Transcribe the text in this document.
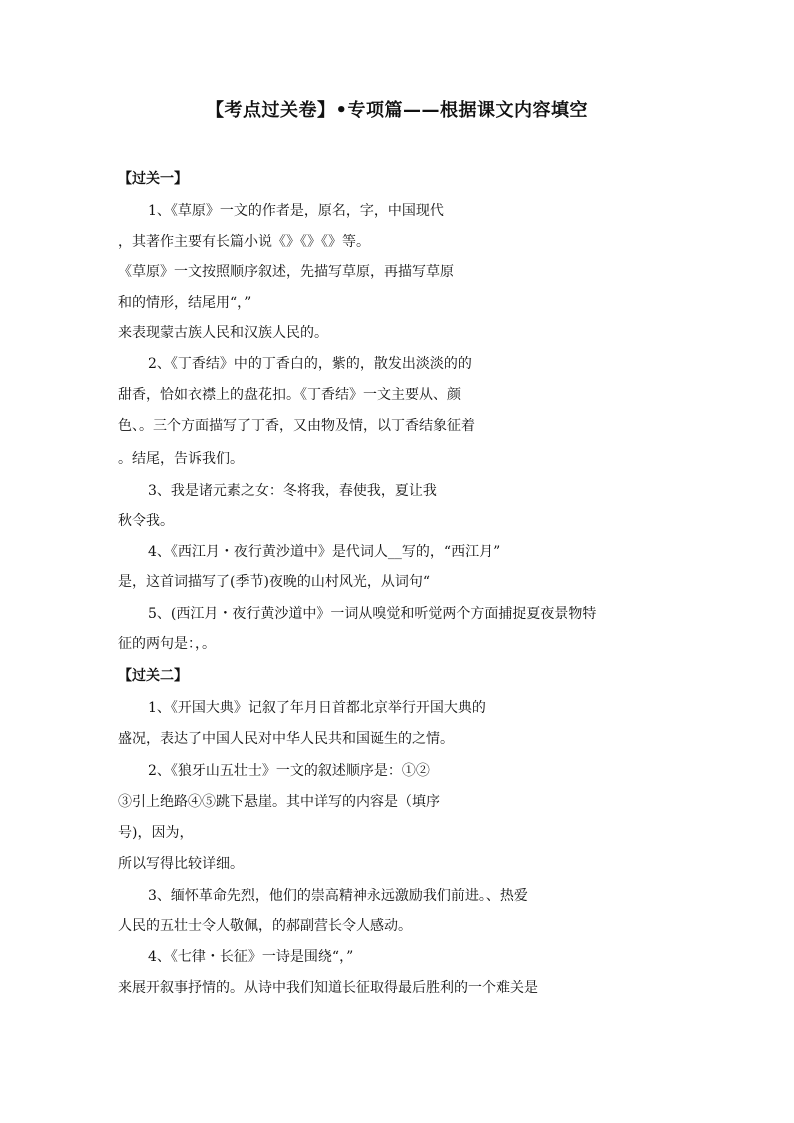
【考点过关卷】•专项篇——根据课文内容填空
【过关一】
1、《草原》一文的作者是，原名，字，中国现代
，其著作主要有长篇小说《》《》《》等。
《草原》一文按照顺序叙述，先描写草原，再描写草原
和的情形，结尾用“，”
来表现蒙古族人民和汉族人民的。
2、《丁香结》中的丁香白的，紫的，散发出淡淡的的
甜香，恰如衣襟上的盘花扣。《丁香结》一文主要从、颜
色、。三个方面描写了丁香，又由物及情，以丁香结象征着
。结尾，告诉我们。
3、我是诸元素之女：冬将我，春使我，夏让我
秋令我。
4、《西江月・夜行黄沙道中》是代词人__写的，“西江月”
是，这首词描写了(季节)夜晚的山村风光，从词句“
5、(西江月・夜行黄沙道中》一词从嗅觉和听觉两个方面捕捉夏夜景物特
征的两句是：，。
【过关二】
1、《开国大典》记叙了年月日首都北京举行开国大典的
盛况，表达了中国人民对中华人民共和国诞生的之情。
2、《狼牙山五壮士》一文的叙述顺序是：①②
③引上绝路④⑤跳下悬崖。其中详写的内容是（填序
号)，因为，
所以写得比较详细。
3、缅怀革命先烈，他们的崇高精神永远激励我们前进。、热爱
人民的五壮士令人敬佩，的郝副营长令人感动。
4、《七律・长征》一诗是围绕“，”
来展开叙事抒情的。从诗中我们知道长征取得最后胜利的一个难关是
